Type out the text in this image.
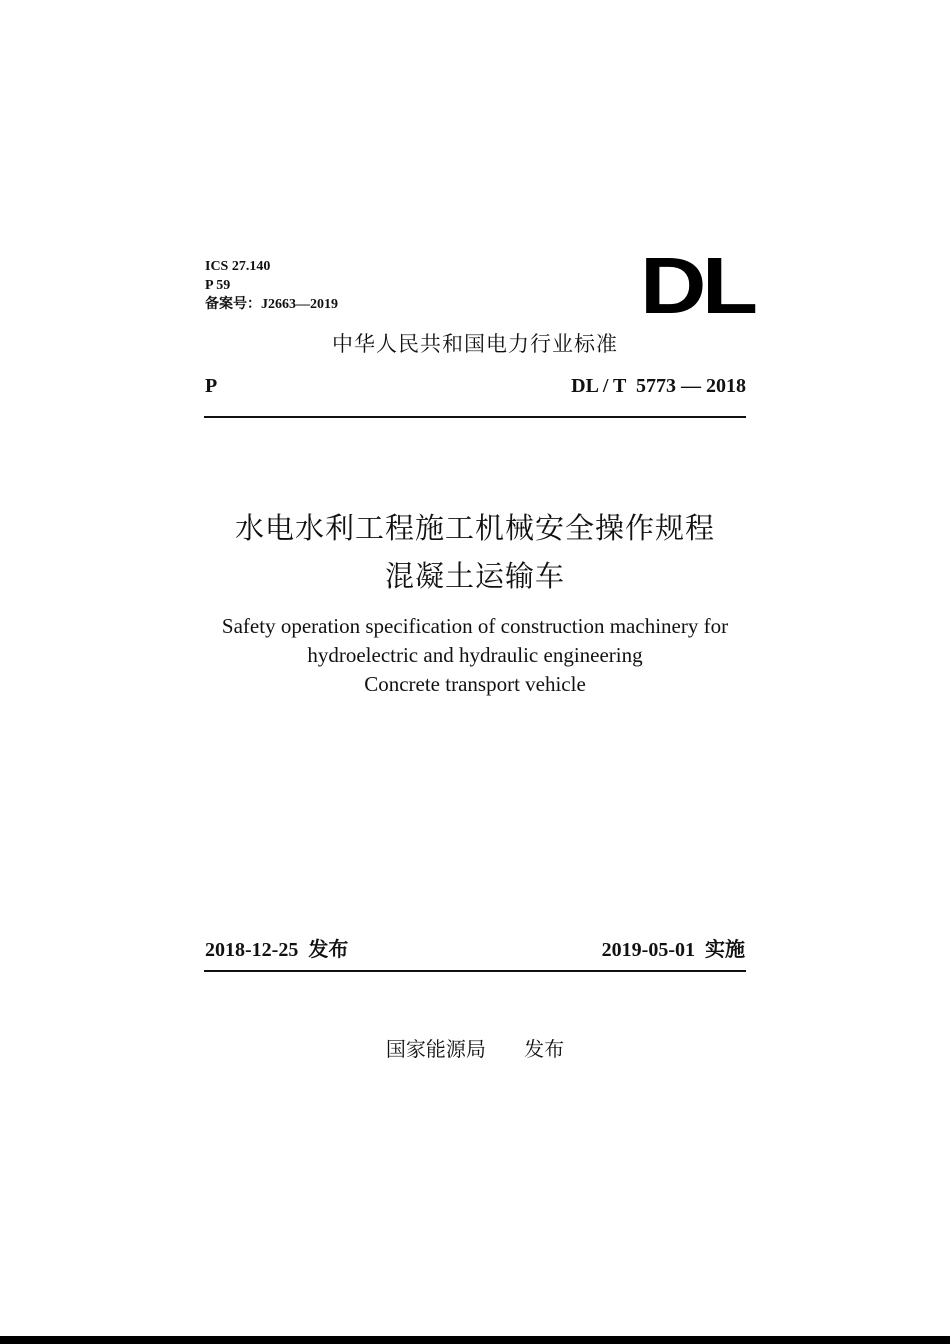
ICS 27.140
P 59
备案号：J2663—2019	DL
中华人民共和国电力行业标准
P	DL / T  5773 — 2018
水电水利工程施工机械安全操作规程
混凝土运输车
Safety operation specification of construction machinery for
hydroelectric and hydraulic engineering
Concrete transport vehicle
2018-12-25  发布	2019-05-01  实施
国家能源局      发布
